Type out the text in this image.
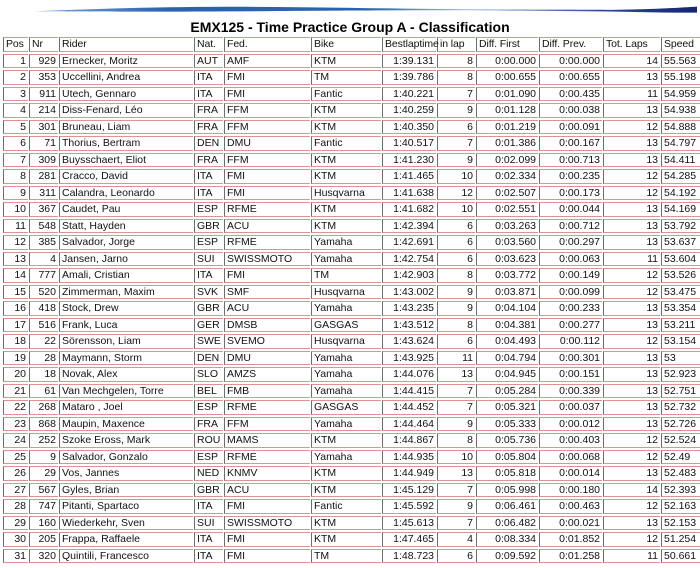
EMX125 - Time Practice Group A - Classification
Pos	Nr	Rider	Nat.	Fed.	Bike	Bestlaptime	in lap	Diff. First	Diff. Prev.	Tot. Laps	Speed
1	929	Ernecker, Moritz	AUT	AMF	KTM	1:39.131	8	0:00.000	0:00.000	14	55.563
2	353	Uccellini, Andrea	ITA	FMI	TM	1:39.786	8	0:00.655	0:00.655	13	55.198
3	911	Utech, Gennaro	ITA	FMI	Fantic	1:40.221	7	0:01.090	0:00.435	11	54.959
4	214	Diss-Fenard, Léo	FRA	FFM	KTM	1:40.259	9	0:01.128	0:00.038	13	54.938
5	301	Bruneau, Liam	FRA	FFM	KTM	1:40.350	6	0:01.219	0:00.091	12	54.888
6	71	Thorius, Bertram	DEN	DMU	Fantic	1:40.517	7	0:01.386	0:00.167	13	54.797
7	309	Buysschaert, Eliot	FRA	FFM	KTM	1:41.230	9	0:02.099	0:00.713	13	54.411
8	281	Cracco, David	ITA	FMI	KTM	1:41.465	10	0:02.334	0:00.235	12	54.285
9	311	Calandra, Leonardo	ITA	FMI	Husqvarna	1:41.638	12	0:02.507	0:00.173	12	54.192
10	367	Caudet, Pau	ESP	RFME	KTM	1:41.682	10	0:02.551	0:00.044	13	54.169
11	548	Statt, Hayden	GBR	ACU	KTM	1:42.394	6	0:03.263	0:00.712	13	53.792
12	385	Salvador, Jorge	ESP	RFME	Yamaha	1:42.691	6	0:03.560	0:00.297	13	53.637
13	4	Jansen, Jarno	SUI	SWISSMOTO	Yamaha	1:42.754	6	0:03.623	0:00.063	11	53.604
14	777	Amali, Cristian	ITA	FMI	TM	1:42.903	8	0:03.772	0:00.149	12	53.526
15	520	Zimmerman, Maxim	SVK	SMF	Husqvarna	1:43.002	9	0:03.871	0:00.099	12	53.475
16	418	Stock, Drew	GBR	ACU	Yamaha	1:43.235	9	0:04.104	0:00.233	13	53.354
17	516	Frank, Luca	GER	DMSB	GASGAS	1:43.512	8	0:04.381	0:00.277	13	53.211
18	22	Sörensson, Liam	SWE	SVEMO	Husqvarna	1:43.624	6	0:04.493	0:00.112	12	53.154
19	28	Maymann, Storm	DEN	DMU	Yamaha	1:43.925	11	0:04.794	0:00.301	13	53
20	18	Novak, Alex	SLO	AMZS	Yamaha	1:44.076	13	0:04.945	0:00.151	13	52.923
21	61	Van Mechgelen, Torre	BEL	FMB	Yamaha	1:44.415	7	0:05.284	0:00.339	13	52.751
22	268	Mataro , Joel	ESP	RFME	GASGAS	1:44.452	7	0:05.321	0:00.037	13	52.732
23	868	Maupin, Maxence	FRA	FFM	Yamaha	1:44.464	9	0:05.333	0:00.012	13	52.726
24	252	Szoke Eross, Mark	ROU	MAMS	KTM	1:44.867	8	0:05.736	0:00.403	12	52.524
25	9	Salvador, Gonzalo	ESP	RFME	Yamaha	1:44.935	10	0:05.804	0:00.068	12	52.49
26	29	Vos, Jannes	NED	KNMV	KTM	1:44.949	13	0:05.818	0:00.014	13	52.483
27	567	Gyles, Brian	GBR	ACU	KTM	1:45.129	7	0:05.998	0:00.180	14	52.393
28	747	Pitanti, Spartaco	ITA	FMI	Fantic	1:45.592	9	0:06.461	0:00.463	12	52.163
29	160	Wiederkehr, Sven	SUI	SWISSMOTO	KTM	1:45.613	7	0:06.482	0:00.021	13	52.153
30	205	Frappa, Raffaele	ITA	FMI	KTM	1:47.465	4	0:08.334	0:01.852	12	51.254
31	320	Quintili, Francesco	ITA	FMI	TM	1:48.723	6	0:09.592	0:01.258	11	50.661
